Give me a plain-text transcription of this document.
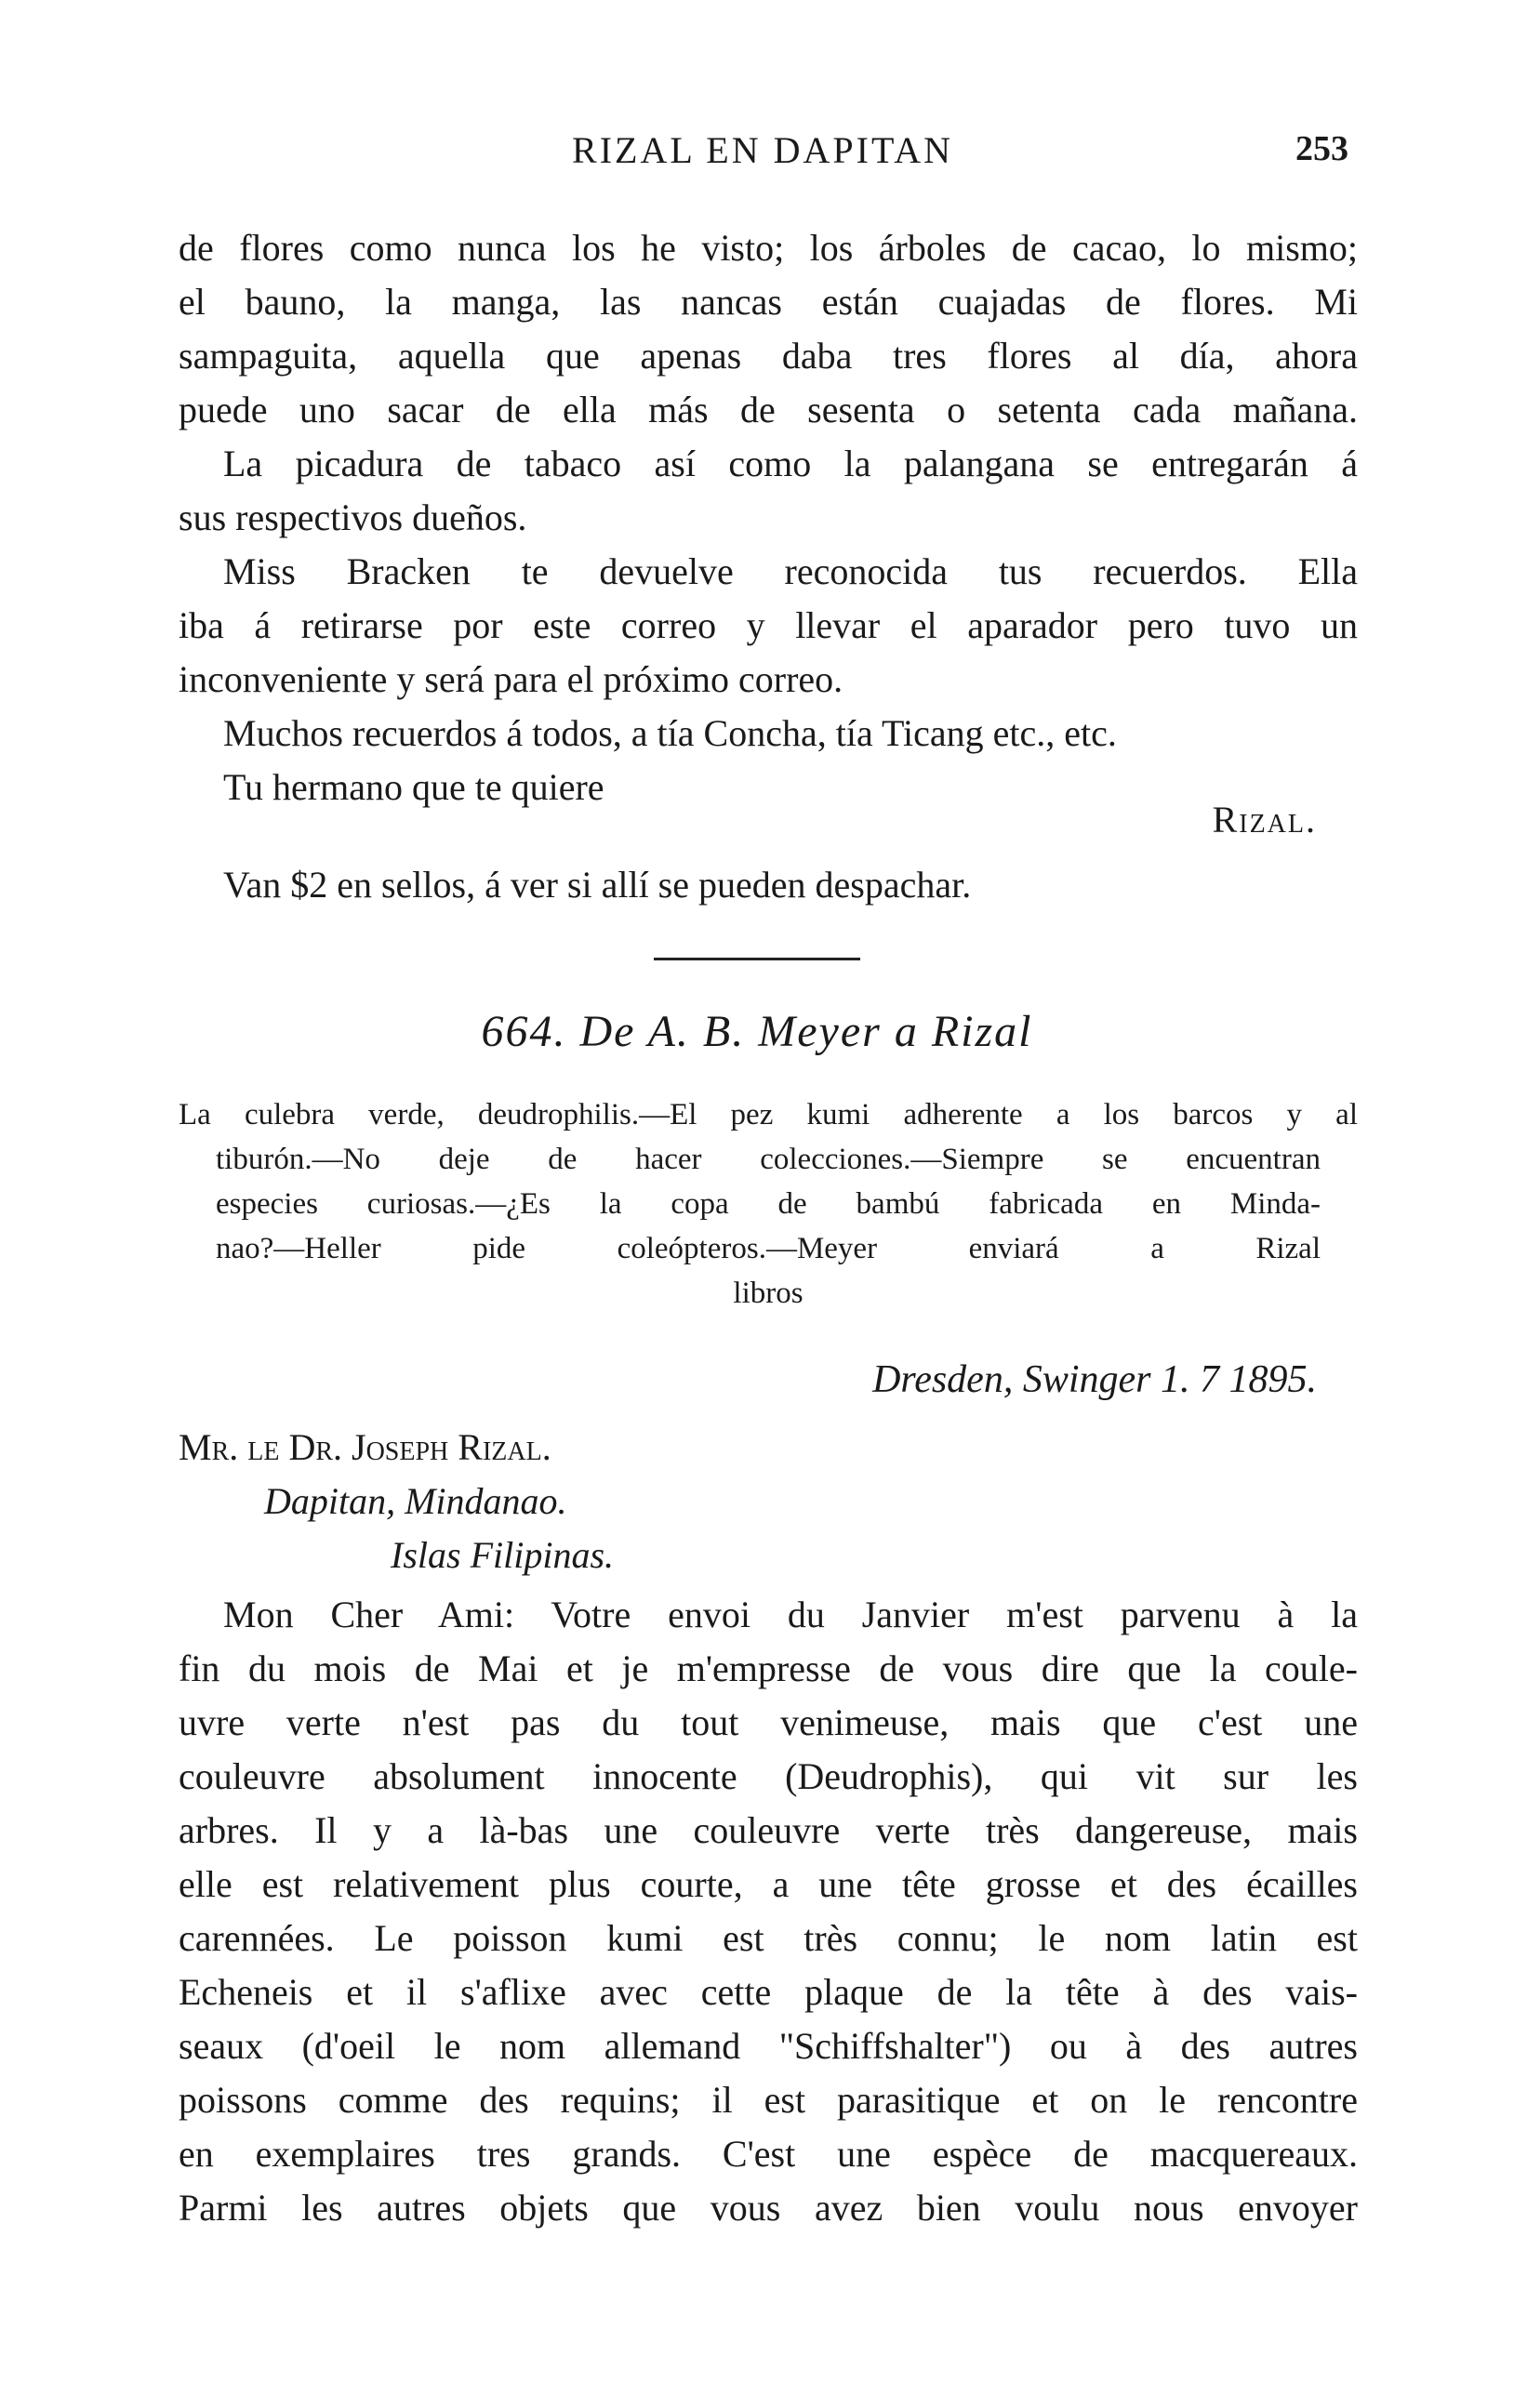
RIZAL EN DAPITAN	253
de flores como nunca los he visto; los árboles de cacao, lo mismo;
el bauno, la manga, las nancas están cuajadas de flores. Mi
sampaguita, aquella que apenas daba tres flores al día, ahora
puede uno sacar de ella más de sesenta o setenta cada mañana.
La picadura de tabaco así como la palangana se entregarán á
sus respectivos dueños.
Miss Bracken te devuelve reconocida tus recuerdos. Ella
iba á retirarse por este correo y llevar el aparador pero tuvo un
inconveniente y será para el próximo correo.
Muchos recuerdos á todos, a tía Concha, tía Ticang etc., etc.
Tu hermano que te quiere
Rizal.
Van $2 en sellos, á ver si allí se pueden despachar.
664. De A. B. Meyer a Rizal
La culebra verde, deudrophilis.—El pez kumi adherente a los barcos y al
tiburón.—No deje de hacer colecciones.—Siempre se encuentran
especies curiosas.—¿Es la copa de bambú fabricada en Minda-
nao?—Heller pide coleópteros.—Meyer enviará a Rizal
libros
Dresden, Swinger 1. 7 1895.
Mr. le Dr. Joseph Rizal.
Dapitan, Mindanao.
Islas Filipinas.
Mon Cher Ami: Votre envoi du Janvier m'est parvenu à la
fin du mois de Mai et je m'empresse de vous dire que la coule-
uvre verte n'est pas du tout venimeuse, mais que c'est une
couleuvre absolument innocente (Deudrophis), qui vit sur les
arbres. Il y a là-bas une couleuvre verte très dangereuse, mais
elle est relativement plus courte, a une tête grosse et des écailles
carennées. Le poisson kumi est très connu; le nom latin est
Echeneis et il s'aflixe avec cette plaque de la tête à des vais-
seaux (d'oeil le nom allemand "Schiffshalter") ou à des autres
poissons comme des requins; il est parasitique et on le rencontre
en exemplaires tres grands. C'est une espèce de macquereaux.
Parmi les autres objets que vous avez bien voulu nous envoyer
